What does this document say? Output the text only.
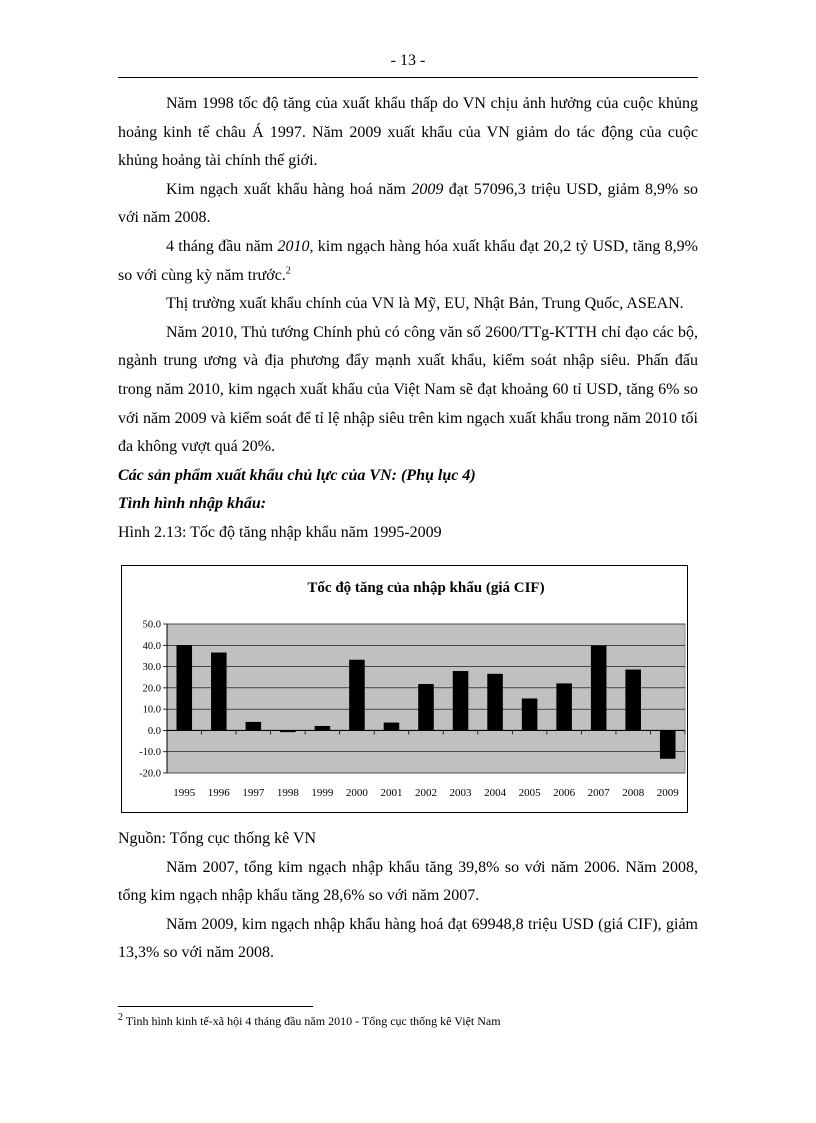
- 13 -

Năm 1998 tốc độ tăng của xuất khẩu thấp do VN chịu ảnh hưởng của cuộc khủng hoảng kinh tế châu Á 1997. Năm 2009 xuất khẩu của VN giảm do tác động của cuộc khủng hoảng tài chính thế giới.

Kim ngạch xuất khẩu hàng hoá năm 2009 đạt 57096,3 triệu USD, giảm 8,9% so với năm 2008.

4 tháng đầu năm 2010, kim ngạch hàng hóa xuất khẩu đạt 20,2 tỷ USD, tăng 8,9% so với cùng kỳ năm trước.$^2$

Thị trường xuất khẩu chính của VN là Mỹ, EU, Nhật Bản, Trung Quốc, ASEAN.

Năm 2010, Thủ tướng Chính phủ có công văn số 2600/TTg-KTTH chỉ đạo các bộ, ngành trung ương và địa phương đẩy mạnh xuất khẩu, kiểm soát nhập siêu. Phấn đấu trong năm 2010, kim ngạch xuất khẩu của Việt Nam sẽ đạt khoảng 60 tỉ USD, tăng 6% so với năm 2009 và kiểm soát để tỉ lệ nhập siêu trên kim ngạch xuất khẩu trong năm 2010 tối đa không vượt quá 20%.

Các sản phẩm xuất khẩu chủ lực của VN: (Phụ lục 4)

Tình hình nhập khẩu:

Hình 2.13: Tốc độ tăng nhập khẩu năm 1995-2009

Tốc độ tăng của nhập khẩu (giá CIF)
50.0
40.0
30.0
20.0
10.0
0.0
-10.0
-20.0
1995 1996 1997 1998 1999 2000 2001 2002 2003 2004 2005 2006 2007 2008 2009

Nguồn: Tổng cục thống kê VN

Năm 2007, tổng kim ngạch nhập khẩu tăng 39,8% so với năm 2006. Năm 2008, tổng kim ngạch nhập khẩu tăng 28,6% so với năm 2007.

Năm 2009, kim ngạch nhập khẩu hàng hoá đạt 69948,8 triệu USD (giá CIF), giảm 13,3% so với năm 2008.

$^2$ Tình hình kinh tế-xã hội 4 tháng đầu năm 2010 - Tổng cục thống kê Việt Nam
